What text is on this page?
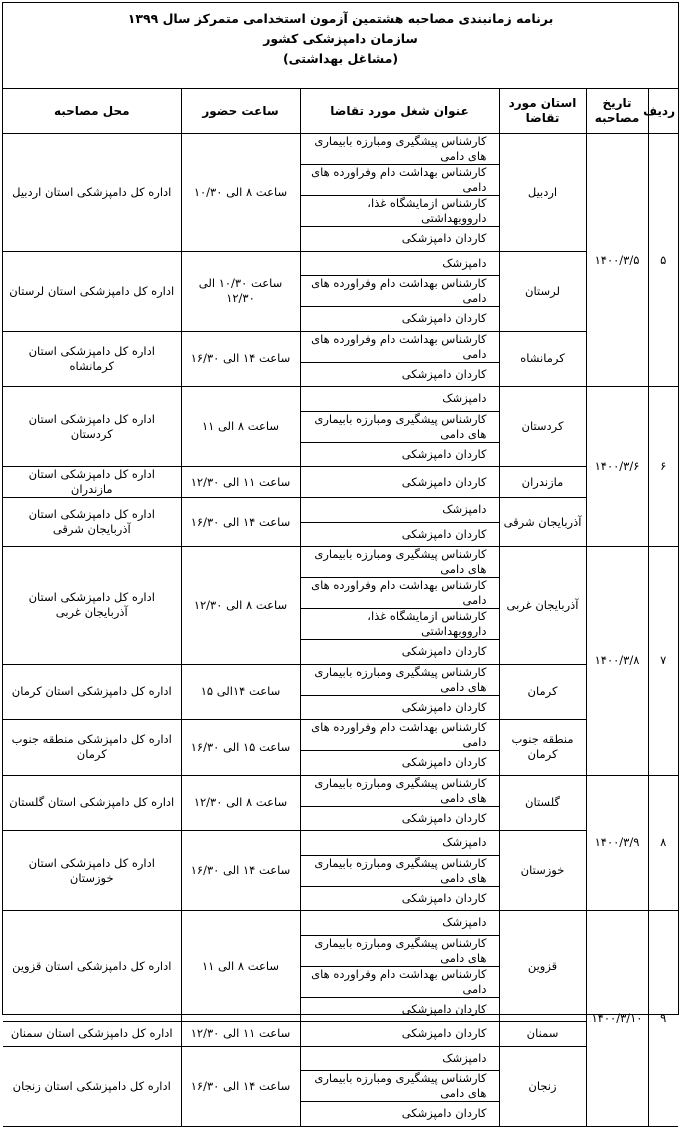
برنامه زمانبندی مصاحبه هشتمین آزمون استخدامی متمرکز سال ۱۳۹۹
سازمان دامپزشکی کشور
(مشاغل بهداشتی)
ردیف	تاریخ مصاحبه	استان مورد تقاضا	عنوان شغل مورد تقاضا	ساعت حضور	محل مصاحبه
۵	۱۴۰۰/۳/۵	اردبیل	کارشناس پیشگیری ومبارزه بابیماری های دامی	ساعت ۸ الی ۱۰/۳۰	اداره کل دامپزشکی استان اردبیل
			کارشناس بهداشت دام وفراورده های دامی		
			کارشناس ازمایشگاه غذا، دارووبهداشتی		
			کاردان دامپزشکی		
		لرستان	دامپزشک	ساعت ۱۰/۳۰ الی ۱۲/۳۰	اداره کل دامپزشکی استان لرستان
			کارشناس بهداشت دام وفراورده های دامی		
			کاردان دامپزشکی		
		کرمانشاه	کارشناس بهداشت دام وفراورده های دامی	ساعت ۱۴ الی ۱۶/۳۰	اداره کل دامپزشکی استان کرمانشاه
			کاردان دامپزشکی		
۶	۱۴۰۰/۳/۶	کردستان	دامپزشک	ساعت ۸ الی ۱۱	اداره کل دامپزشکی استان کردستان
			کارشناس پیشگیری ومبارزه بابیماری های دامی		
			کاردان دامپزشکی		
		مازندران	کاردان دامپزشکی	ساعت ۱۱ الی ۱۲/۳۰	اداره کل دامپزشکی استان مازندران
		آذربایجان شرقی	دامپزشک	ساعت ۱۴ الی ۱۶/۳۰	اداره کل دامپزشکی استان آذربایجان شرقی
			کاردان دامپزشکی		
۷	۱۴۰۰/۳/۸	آذربایجان غربی	کارشناس پیشگیری ومبارزه بابیماری های دامی	ساعت ۸ الی ۱۲/۳۰	اداره کل دامپزشکی استان آذربایجان غربی
			کارشناس بهداشت دام وفراورده های دامی		
			کارشناس ازمایشگاه غذا، دارووبهداشتی		
			کاردان دامپزشکی		
		کرمان	کارشناس پیشگیری ومبارزه بابیماری های دامی	ساعت ۱۴الی ۱۵	اداره کل دامپزشکی استان کرمان
			کاردان دامپزشکی		
		منطقه جنوب کرمان	کارشناس بهداشت دام وفراورده های دامی	ساعت ۱۵ الی ۱۶/۳۰	اداره کل دامپزشکی منطقه جنوب کرمان
			کاردان دامپزشکی		
۸	۱۴۰۰/۳/۹	گلستان	کارشناس پیشگیری ومبارزه بابیماری های دامی	ساعت ۸ الی ۱۲/۳۰	اداره کل دامپزشکی استان گلستان
			کاردان دامپزشکی		
		خوزستان	دامپزشک	ساعت ۱۴ الی ۱۶/۳۰	اداره کل دامپزشکی استان خوزستان
			کارشناس پیشگیری ومبارزه بابیماری های دامی		
			کاردان دامپزشکی		
۹	۱۴۰۰/۳/۱۰	قزوین	دامپزشک	ساعت ۸ الی ۱۱	اداره کل دامپزشکی استان قزوین
			کارشناس پیشگیری ومبارزه بابیماری های دامی		
			کارشناس بهداشت دام وفراورده های دامی		
			کاردان دامپزشکی		
		سمنان	کاردان دامپزشکی	ساعت ۱۱ الی ۱۲/۳۰	اداره کل دامپزشکی استان سمنان
		زنجان	دامپزشک	ساعت ۱۴ الی ۱۶/۳۰	اداره کل دامپزشکی استان زنجان
			کارشناس پیشگیری ومبارزه بابیماری های دامی		
			کاردان دامپزشکی		
